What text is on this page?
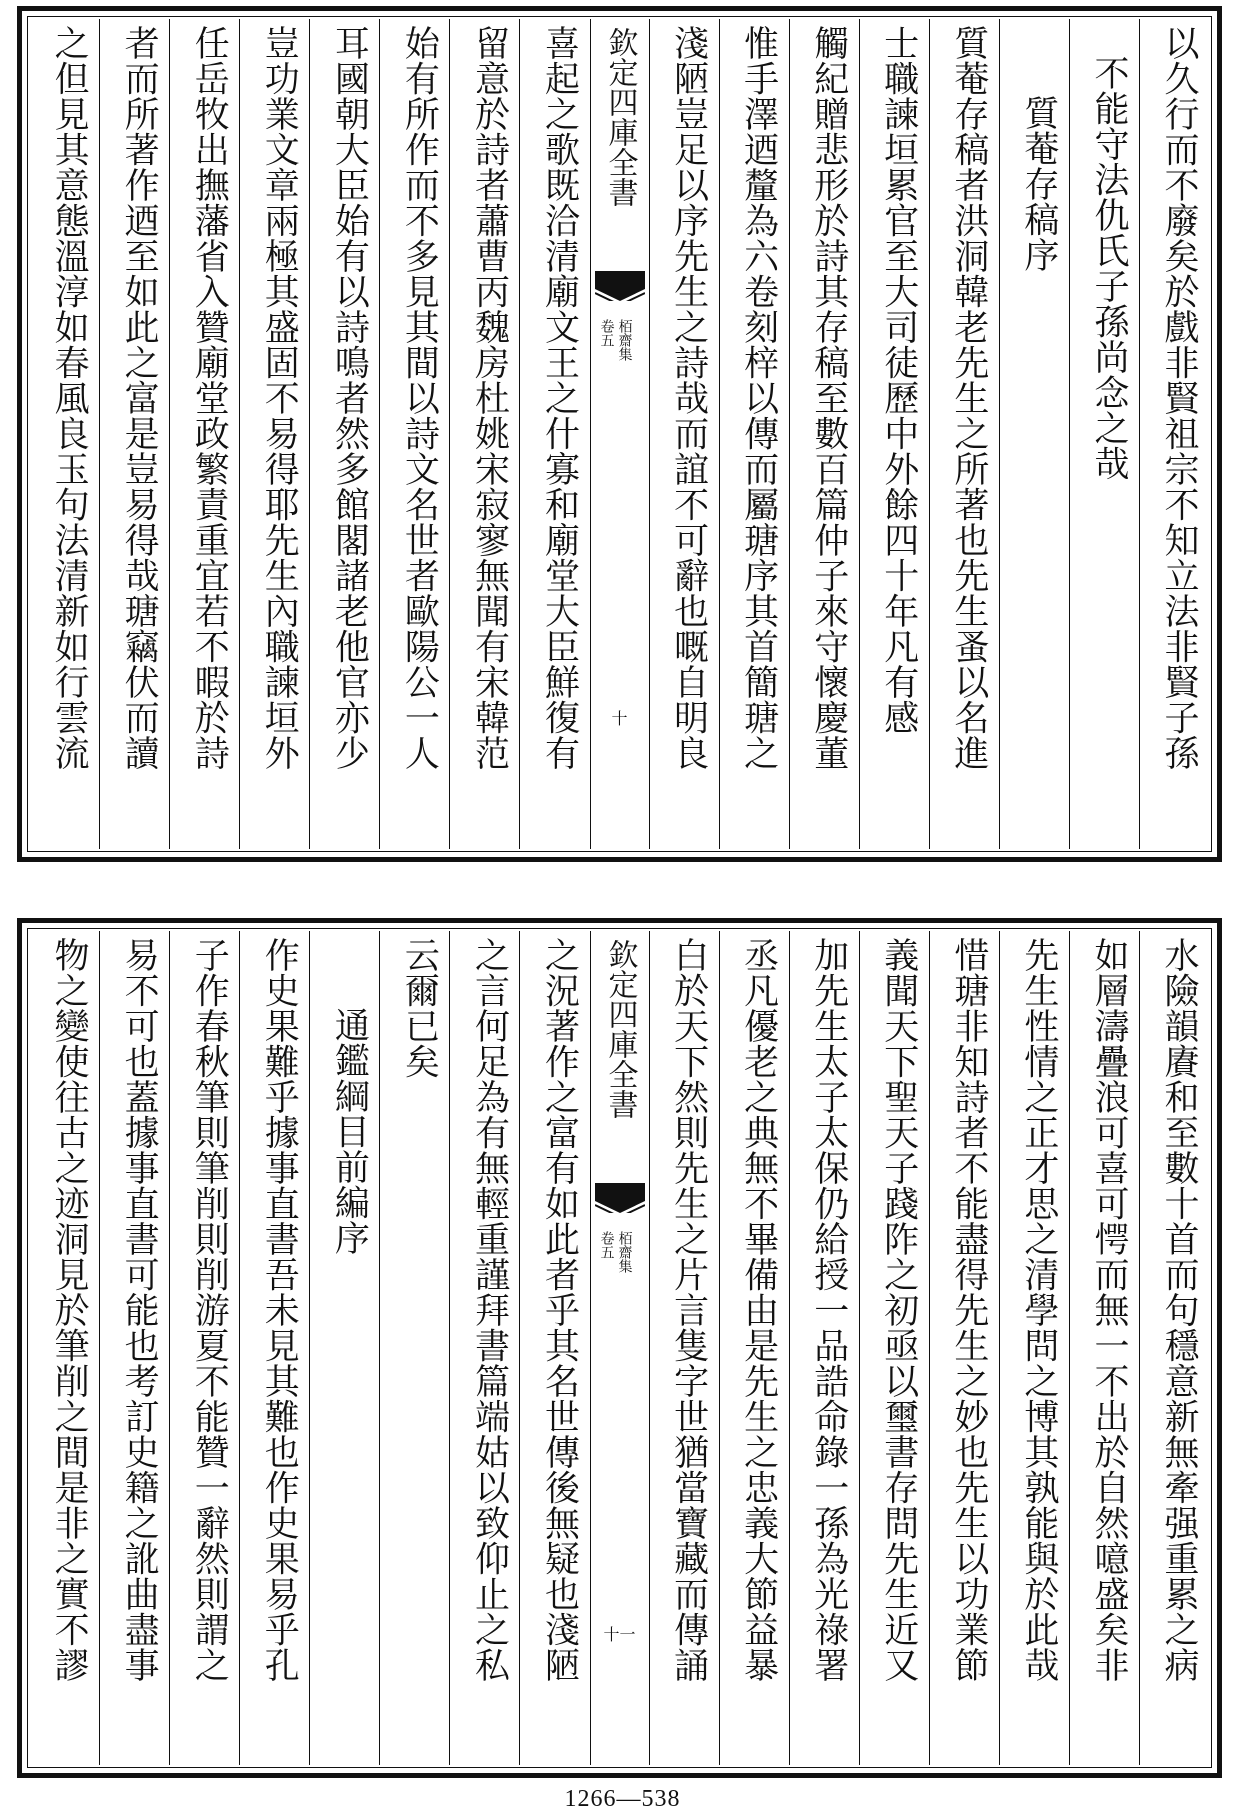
以久行而不廢矣於戲非賢祖宗不知立法非賢子孫
不能守法仇氏子孫尚念之哉
質菴存稿序
質菴存稿者洪洞韓老先生之所著也先生蚤以名進
士職諫垣累官至大司徒歷中外餘四十年凡有感
觸紀贈悲形於詩其存稿至數百篇仲子來守懷慶董
惟手澤迺釐為六卷刻梓以傳而屬瑭序其首簡瑭之
淺陋豈足以序先生之詩哉而誼不可辭也嘅自明良
欽定四庫全書
栢齋集
卷五
十
喜起之歌既洽清廟文王之什寡和廟堂大臣鮮復有
留意於詩者蕭曹丙魏房杜姚宋寂寥無聞有宋韓范
始有所作而不多見其間以詩文名世者歐陽公一人
耳國朝大臣始有以詩鳴者然多館閣諸老他官亦少
豈功業文章兩極其盛固不易得耶先生內職諫垣外
任岳牧出撫藩省入贊廟堂政繁責重宜若不暇於詩
者而所著作迺至如此之富是豈易得哉瑭竊伏而讀
之但見其意態溫淳如春風良玉句法清新如行雲流
水險韻賡和至數十首而句穩意新無牽强重累之病
如層濤疊浪可喜可愕而無一不出於自然噫盛矣非
先生性情之正才思之清學問之博其孰能與於此哉
惜瑭非知詩者不能盡得先生之妙也先生以功業節
義聞天下聖天子踐阼之初亟以璽書存問先生近又
加先生太子太保仍給授一品誥命錄一孫為光祿署
丞凡優老之典無不畢備由是先生之忠義大節益暴
白於天下然則先生之片言隻字世猶當寶藏而傳誦
欽定四庫全書
栢齋集
卷五
十一
之況著作之富有如此者乎其名世傳後無疑也淺陋
之言何足為有無輕重謹拜書篇端姑以致仰止之私
云爾已矣
通鑑綱目前編序
作史果難乎據事直書吾未見其難也作史果易乎孔
子作春秋筆則筆削則削游夏不能贊一辭然則謂之
易不可也蓋據事直書可能也考訂史籍之訛曲盡事
物之變使往古之迹洞見於筆削之間是非之實不謬
1266—538
